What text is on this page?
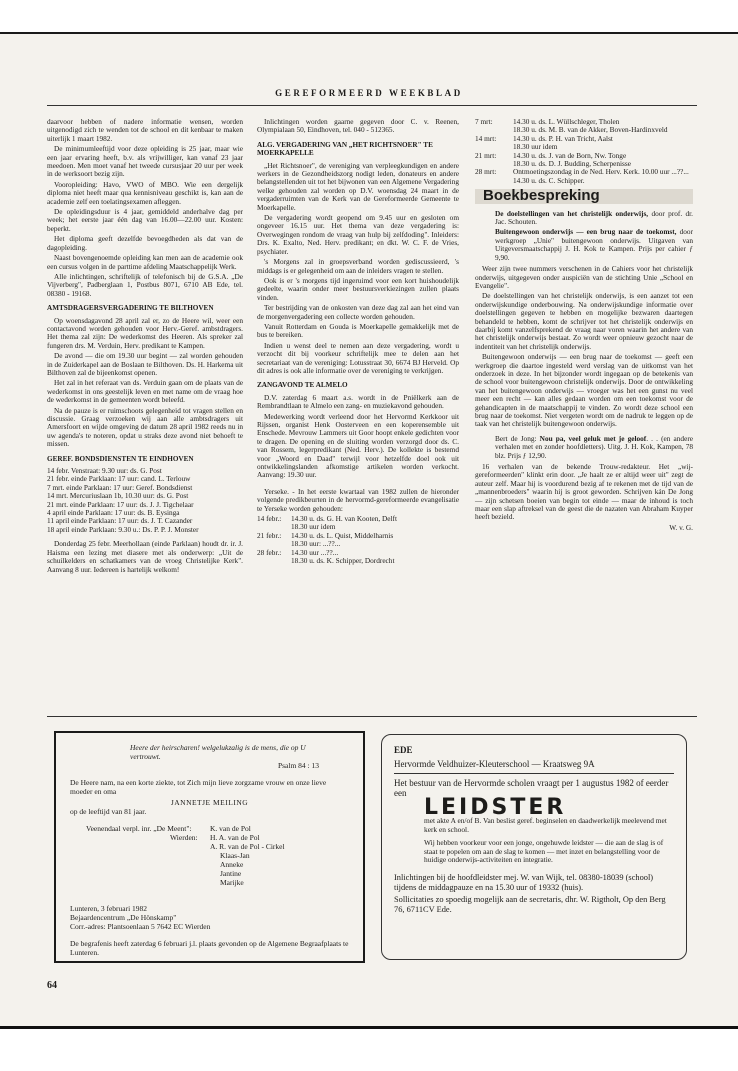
GEREFORMEERD WEEKBLAD

daarvoor hebben of nadere informatie wensen, worden uitgenodigd zich te wenden tot de school en dit kenbaar te maken uiterlijk 1 maart 1982.

De minimumleeftijd voor deze opleiding is 25 jaar, maar wie een jaar ervaring heeft, b.v. als vrijwilliger, kan vanaf 23 jaar meedoen. Men moet vanaf het tweede cursusjaar 20 uur per week in de werksoort bezig zijn.

Vooropleiding: Havo, VWO of MBO. Wie een dergelijk diploma niet heeft maar qua kennisniveau geschikt is, kan aan de academie zelf een toelatingsexamen afleggen.

De opleidingsduur is 4 jaar, gemiddeld anderhalve dag per week; het eerste jaar één dag van 16.00—22.00 uur. Kosten: beperkt.

Het diploma geeft dezelfde bevoegdheden als dat van de dagopleiding.

Naast bovengenoemde opleiding kan men aan de academie ook een cursus volgen in de parttime afdeling Maatschappelijk Werk.

Alle inlichtingen, schriftelijk of telefonisch bij de G.S.A. „De Vijverberg", Padberglaan 1, Postbus 8071, 6710 AB Ede, tel. 08380 - 19168.

AMTSDRAGERSVERGADERING TE BILTHOVEN

Op woensdagavond 28 april zal er, zo de Heere wil, weer een contactavond worden gehouden voor Herv.-Geref. ambstdragers. Het thema zal zijn: De wederkomst des Heeren. Als spreker zal fungeren drs. M. Verduin, Herv. predikant te Kampen.

De avond — die om 19.30 uur begint — zal worden gehouden in de Zuiderkapel aan de Boslaan te Bilthoven. Ds. H. Harkema uit Bilthoven zal de bijeenkomst openen.

Het zal in het referaat van ds. Verduin gaan om de plaats van de wederkomst in ons geestelijk leven en met name om de vraag hoe de wederkomst in de gemeenten wordt beleefd.

Na de pauze is er ruimschoots gelegenheid tot vragen stellen en discussie. Graag verzoeken wij aan alle ambtsdragers uit Amersfoort en wijde omgeving de datum 28 april 1982 reeds nu in uw agenda's te noteren, opdat u straks deze avond niet behoeft te missen.

GEREF. BONDSDIENSTEN TE EINDHOVEN
14 febr. Venstraat: 9.30 uur: ds. G. Post
21 febr. einde Parklaan: 17 uur: cand. L. Terlouw
7 mrt. einde Parklaan: 17 uur: Geref. Bondsdienst
14 mrt. Mercuriuslaan 1b, 10.30 uur: ds. G. Post
21 mrt. einde Parklaan: 17 uur: ds. J. J. Tigchelaar
4 april einde Parklaan: 17 uur: ds. B. Eysinga
11 april einde Parklaan: 17 uur: ds. J. T. Cazander
18 april einde Parklaan: 9.30 u.: Ds. P. P. J. Monster

Donderdag 25 febr. Meerhollaan (einde Parklaan) houdt dr. ir. J. Haisma een lezing met diasere met als onderwerp: „Uit de schuilkelders en schatkamers van de vroeg Christelijke Kerk". Aanvang 8 uur. Iedereen is hartelijk welkom!

Inlichtingen worden gaarne gegeven door C. v. Reenen, Olympialaan 50, Eindhoven, tel. 040 - 512365.

ALG. VERGADERING VAN „HET RICHTSNOER" TE MOERKAPELLE

„Het Richtsnoer", de vereniging van verpleegkundigen en andere werkers in de Gezondheidszorg nodigt leden, donateurs en andere belangstellenden uit tot het bijwonen van een Algemene Vergadering welke gehouden zal worden op D.V. woensdag 24 maart in de vergaderruimten van de Kerk van de Gereformeerde Gemeente te Moerkapelle.

De vergadering wordt geopend om 9.45 uur en gesloten om ongeveer 16.15 uur. Het thema van deze vergadering is: Overwegingen rondom de vraag van hulp bij zelfdoding". Inleiders: Drs. K. Exalto, Ned. Herv. predikant; en dkt. W. C. F. de Vries, psychiater.

's Morgens zal in groepsverband worden gediscussieerd, 's middags is er gelegenheid om aan de inleiders vragen te stellen.

Ook is er 's morgens tijd ingeruimd voor een kort huishoudelijk gedeelte, waarin onder meer bestuursverkiezingen zullen plaats vinden.

Ter bestrijding van de onkosten van deze dag zal aan het eind van de morgenvergadering een collecte worden gehouden.

Vanuit Rotterdam en Gouda is Moerkapelle gemakkelijk met de bus te bereiken.

Indien u wenst deel te nemen aan deze vergadering, wordt u verzocht dit bij voorkeur schriftelijk mee te delen aan het secretariaat van de vereniging: Lotusstraat 30, 6674 BJ Herveld. Op dit adres is ook alle informatie over de vereniging te verkrijgen.

ZANGAVOND TE ALMELO

D.V. zaterdag 6 maart a.s. wordt in de Pniëlkerk aan de Rembrandtlaan te Almelo een zang- en muziekavond gehouden.

Medewerking wordt verleend door het Hervormd Kerkkoor uit Rijssen, organist Henk Oosterveen en een koperensemble uit Enschede. Mevrouw Lammers uit Goor hoopt enkele gedichten voor te dragen. De opening en de sluiting worden verzorgd door ds. C. van Rossem, legerpredikant (Ned. Herv.). De kollekte is bestemd voor „Woord en Daad" terwijl voor hetzelfde doel ook uit ontwikkelingslanden afkomstige artikelen worden verkocht. Aanvang: 19.30 uur.

Yerseke. - In het eerste kwartaal van 1982 zullen de hieronder volgende predikbeurten in de hervormd-gereformeerde evangelisatie te Yerseke worden gehouden:

14 febr.:	14.30 u. ds. G. H. van Kooten, Delft
18.30 uur idem

21 febr.:	14.30 u. ds. L. Quist, Middelharnis
18.30 uur: ...??...

28 febr.:	14.30 uur ...??...
18.30 u. ds. K. Schipper, Dordrecht
7 mrt:	14.30 u. ds. L. Wüllschleger, Tholen
18.30 u. ds. M. B. van de Akker, Boven-Hardinxveld

14 mrt:	14.30 u. ds. P. H. van Tricht, Aalst
18.30 uur idem

21 mrt:	14.30 u. ds. J. van de Born, Nw. Tonge
18.30 u. ds. D. J. Budding, Scherpenisse

28 mrt:	Ontmoetingszondag in de Ned. Herv. Kerk. 10.00 uur ...??...
14.30 u. ds. C. Schipper.
Boekbespreking

De doelstellingen van het christelijk onderwijs, door prof. dr. Jac. Schouten.

Buitengewoon onderwijs — een brug naar de toekomst, door werkgroep „Unie" buitengewoon onderwijs. Uitgaven van Uitgeversmaatschappij J. H. Kok te Kampen. Prijs per cahier ƒ 9,90.

Weer zijn twee nummers verschenen in de Cahiers voor het christelijk onderwijs, uitgegeven onder auspiciën van de stichting Unie „School en Evangelie".

De doelstellingen van het christelijk onderwijs, is een aanzet tot een onderwijskundige onderbouwing. Na onderwijskundige informatie over doelstellingen gegeven te hebben en mogelijke bezwaren daartegen behandeld te hebben, komt de schrijver tot het christelijk onderwijs en daarbij komt vanzelfsprekend de vraag naar voren waarin het andere van het christelijk onderwijs bestaat. Zo wordt weer opnieuw gezocht naar de indentiteit van het christelijk onderwijs.

Buitengewoon onderwijs — een brug naar de toekomst — geeft een werkgroep die daartoe ingesteld werd verslag van de uitkomst van het onderzoek in deze. In het bijzonder wordt ingegaan op de betekenis van de school voor buitengewoon christelijk onderwijs. Door de ontwikkeling van het buitengewoon onderwijs — vroeger was het een gunst nu veel meer een recht — kan alles gedaan worden om een toekomst voor de gehandicapten in de maatschappij te vinden. Zo wordt deze school een brug naar de toekomst. Niet vergeten wordt om de nadruk te leggen op de taak van het christelijk buitengewoon onderwijs.

Bert de Jong: Nou pa, veel geluk met je geloof. . . (en andere verhalen met en zonder hoofdletters). Uitg. J. H. Kok, Kampen, 78 blz. Prijs ƒ 12,90.

16 verhalen van de bekende Trouw-redakteur. Het „wij-gereformeerden" klinkt erin door. „Je haalt ze er altijd weer uit" zegt de auteur zelf. Maar hij is voordurend bezig af te rekenen met de tijd van de „mannenbroeders" waarin hij is groot geworden. Schrijven kán De Jong — zijn schetsen boeien van begin tot einde — maar de inhoud is toch maar een slap aftreksel van de geest die de nazaten van Abraham Kuyper heeft bezield.

W. v. G.
Heere der heirscharen! welgelukzalig is de mens, die op U vertrouwt.
Psalm 84 : 13
De Heere nam, na een korte ziekte, tot Zich mijn lieve zorgzame vrouw en onze lieve moeder en oma
JANNETJE MEILING
op de leeftijd van 81 jaar.
Veenendaal verpl. inr. „De Meent":
Wierden:
K. van de Pol
H. A. van de Pol
A. R. van de Pol - Cirkel
Klaas-Jan
Anneke
Jantine
Marijke
Lunteren, 3 februari 1982
Bejaardencentrum „De Hönskamp"
Corr.-adres: Plantsoenlaan 5 7642 EC Wierden
De begrafenis heeft zaterdag 6 februari j.l. plaats gevonden op de Algemene Begraafplaats te Lunteren.
EDE
Hervormde Veldhuizer-Kleuterschool — Kraatsweg 9A
Het bestuur van de Hervormde scholen vraagt per 1 augustus 1982 of eerder een
LEIDSTER
met akte A en/of B. Van beslist geref. beginselen en daadwerkelijk meelevend met kerk en school.
Wij hebben voorkeur voor een jonge, ongehuwde leidster — die aan de slag is of staat te popelen om aan de slag te komen — met inzet en belangstelling voor de huidige onderwijs-activiteiten en integratie.
Inlichtingen bij de hoofdleidster mej. W. van Wijk, tel. 08380-18039 (school) tijdens de middagpauze en na 15.30 uur of 19332 (huis).
Sollicitaties zo spoedig mogelijk aan de secretaris, dhr. W. Rigtholt, Op den Berg 76, 6711CV Ede.
64
